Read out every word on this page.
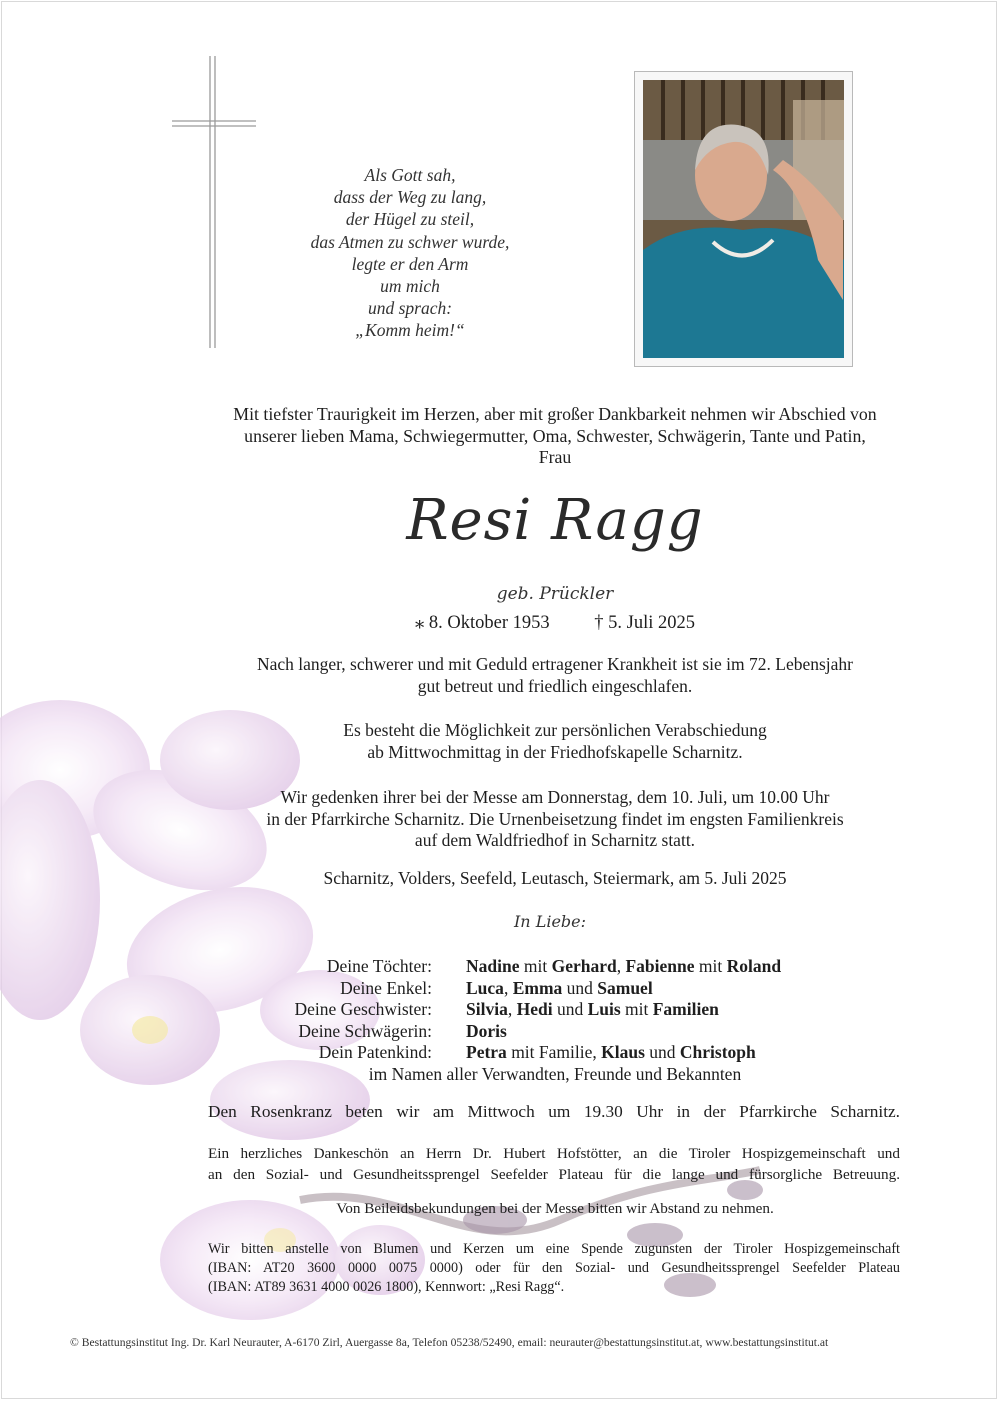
Als Gott sah,
dass der Weg zu lang,
der Hügel zu steil,
das Atmen zu schwer wurde,
legte er den Arm
um mich
und sprach:
„Komm heim!“
Mit tiefster Traurigkeit im Herzen, aber mit großer Dankbarkeit nehmen wir Abschied von
unserer lieben Mama, Schwiegermutter, Oma, Schwester, Schwägerin, Tante und Patin,
Frau
Resi Ragg
geb. Prückler
⁎ 8. Oktober 1953 † 5. Juli 2025
Nach langer, schwerer und mit Geduld ertragener Krankheit ist sie im 72. Lebensjahr
gut betreut und friedlich eingeschlafen.
Es besteht die Möglichkeit zur persönlichen Verabschiedung
ab Mittwochmittag in der Friedhofskapelle Scharnitz.
Wir gedenken ihrer bei der Messe am Donnerstag, dem 10. Juli, um 10.00 Uhr
in der Pfarrkirche Scharnitz. Die Urnenbeisetzung findet im engsten Familienkreis
auf dem Waldfriedhof in Scharnitz statt.
Scharnitz, Volders, Seefeld, Leutasch, Steiermark, am 5. Juli 2025
In Liebe:
Deine Töchter: Nadine mit Gerhard, Fabienne mit Roland
Deine Enkel: Luca, Emma und Samuel
Deine Geschwister: Silvia, Hedi und Luis mit Familien
Deine Schwägerin: Doris
Dein Patenkind: Petra mit Familie, Klaus und Christoph
im Namen aller Verwandten, Freunde und Bekannten
Den Rosenkranz beten wir am Mittwoch um 19.30 Uhr in der Pfarrkirche Scharnitz.
Ein herzliches Dankeschön an Herrn Dr. Hubert Hofstötter, an die Tiroler Hospizgemeinschaft und
an den Sozial- und Gesundheitssprengel Seefelder Plateau für die lange und fürsorgliche Betreuung.
Von Beileidsbekundungen bei der Messe bitten wir Abstand zu nehmen.
Wir bitten anstelle von Blumen und Kerzen um eine Spende zugunsten der Tiroler Hospizgemeinschaft
(IBAN: AT20 3600 0000 0075 0000) oder für den Sozial- und Gesundheitssprengel Seefelder Plateau
(IBAN: AT89 3631 4000 0026 1800), Kennwort: „Resi Ragg“.
© Bestattungsinstitut Ing. Dr. Karl Neurauter, A-6170 Zirl, Auergasse 8a, Telefon 05238/52490, email: neurauter@bestattungsinstitut.at, www.bestattungsinstitut.at
